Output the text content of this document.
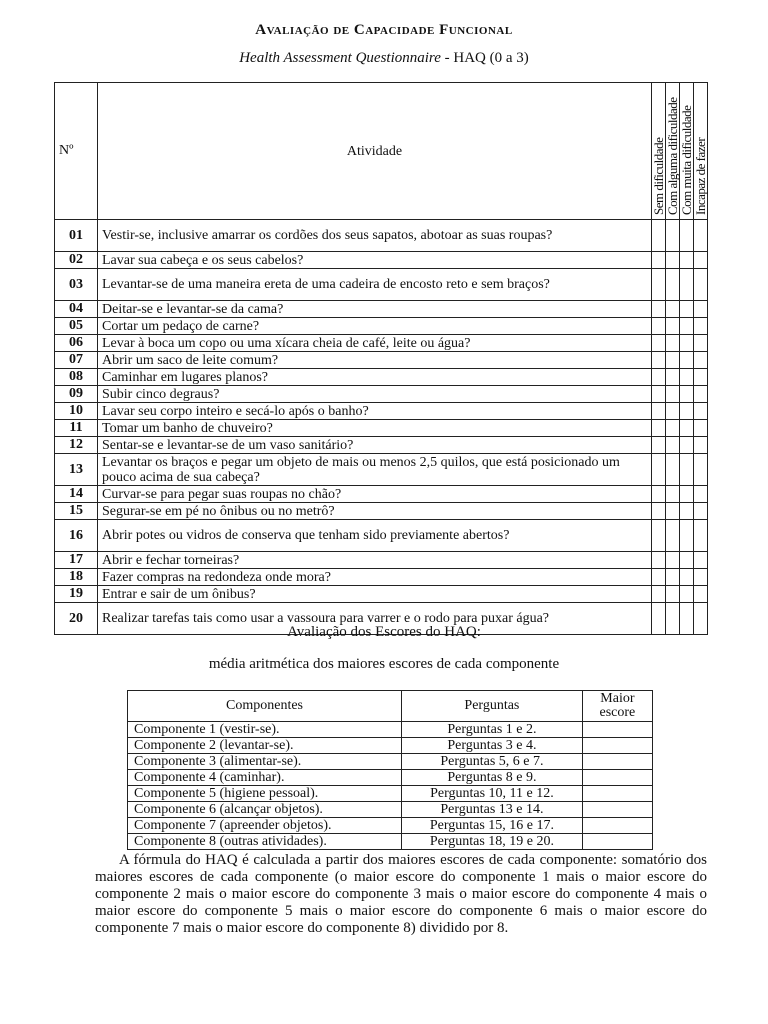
Avaliação de Capacidade Funcional
Health Assessment Questionnaire - HAQ (0 a 3)
Nº	Atividade	Sem dificuldade	Com alguma dificuldade	Com muita dificuldade	Incapaz de fazer

01	Vestir-se, inclusive amarrar os cordões dos seus sapatos, abotoar as suas roupas?				
02	Lavar sua cabeça e os seus cabelos?				
03	Levantar-se de uma maneira ereta de uma cadeira de encosto reto e sem braços?				
04	Deitar-se e levantar-se da cama?				
05	Cortar um pedaço de carne?				
06	Levar à boca um copo ou uma xícara cheia de café, leite ou água?				
07	Abrir um saco de leite comum?				
08	Caminhar em lugares planos?				
09	Subir cinco degraus?				
10	Lavar seu corpo inteiro e secá-lo após o banho?				
11	Tomar um banho de chuveiro?				
12	Sentar-se e levantar-se de um vaso sanitário?				
13	Levantar os braços e pegar um objeto de mais ou menos 2,5 quilos, que está posicionado um pouco acima de sua cabeça?				
14	Curvar-se para pegar suas roupas no chão?				
15	Segurar-se em pé no ônibus ou no metrô?				
16	Abrir potes ou vidros de conserva que tenham sido previamente abertos?				
17	Abrir e fechar torneiras?				
18	Fazer compras na redondeza onde mora?				
19	Entrar e sair de um ônibus?				
20	Realizar tarefas tais como usar a vassoura para varrer e o rodo para puxar água?				
Avaliação dos Escores do HAQ:
média aritmética dos maiores escores de cada componente
Componentes	Perguntas	Maior escore
Componente 1 (vestir-se).	Perguntas 1 e 2.	
Componente 2 (levantar-se).	Perguntas 3 e 4.	
Componente 3 (alimentar-se).	Perguntas 5, 6 e 7.	
Componente 4 (caminhar).	Perguntas 8 e 9.	
Componente 5 (higiene pessoal).	Perguntas 10, 11 e 12.	
Componente 6 (alcançar objetos).	Perguntas 13 e 14.	
Componente 7 (apreender objetos).	Perguntas 15, 16 e 17.	
Componente 8 (outras atividades).	Perguntas 18, 19 e 20.	

A fórmula do HAQ é calculada a partir dos maiores escores de cada componente: somatório dos maiores escores de cada componente (o maior escore do componente 1 mais o maior escore do componente 2 mais o maior escore do componente 3 mais o maior escore do componente 4 mais o maior escore do componente 5 mais o maior escore do componente 6 mais o maior escore do componente 7 mais o maior escore do componente 8) dividido por 8.
